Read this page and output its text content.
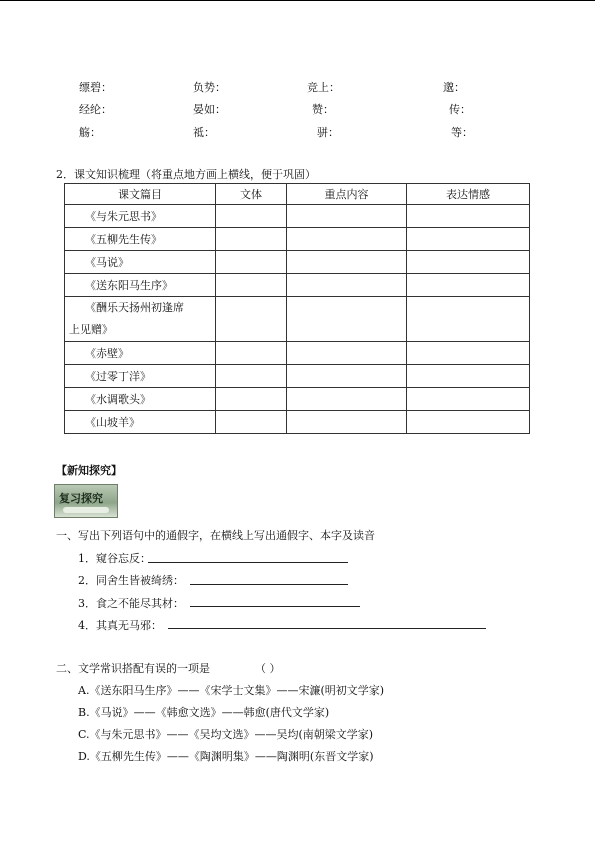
缥碧：	负势：	竞上：	邈：
经纶：	晏如：	赞：	传：
觞：	祗：	骈：	等：
2．课文知识梳理（将重点地方画上横线，便于巩固）
课文篇目	文体	重点内容	表达情感
《与朱元思书》			
《五柳先生传》			
《马说》			
《送东阳马生序》			

《酬乐天扬州初逢席
上见赠》			

《赤壁》			
《过零丁洋》			
《水调歌头》			
《山坡羊》			
【新知探究】
复习探究
一、写出下列语句中的通假字，在横线上写出通假字、本字及读音
1．窥谷忘反：
2．同舍生皆被绮绣：
3．食之不能尽其材：
4．其真无马邪：
二、文学常识搭配有误的一项是	（ ）
A.《送东阳马生序》——《宋学士文集》——宋濂(明初文学家)
B.《马说》——《韩愈文选》——韩愈(唐代文学家)
C.《与朱元思书》——《吴均文选》——吴均(南朝梁文学家)
D.《五柳先生传》——《陶渊明集》——陶渊明(东晋文学家)
